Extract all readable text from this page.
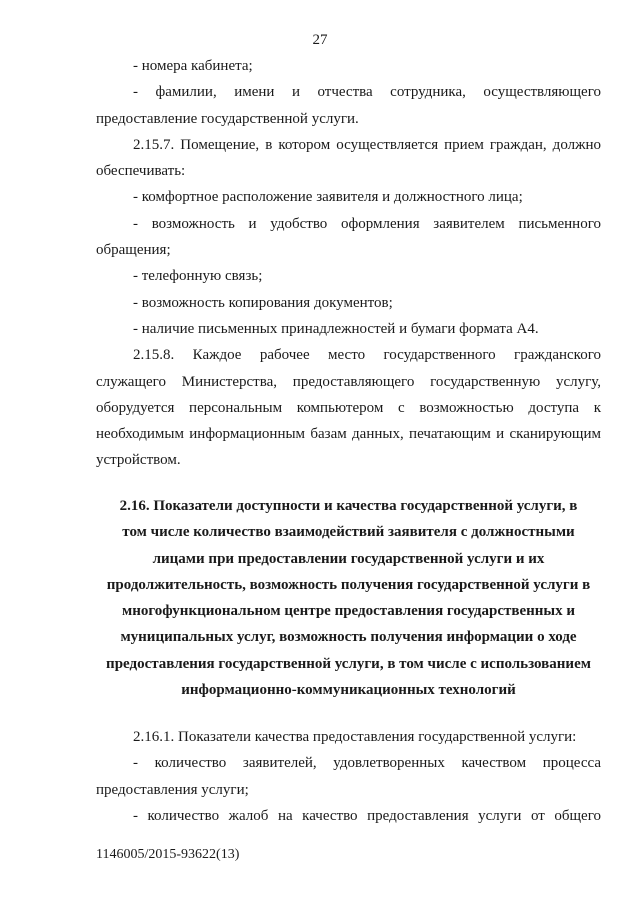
27

- номера кабинета;

- фамилии, имени и отчества сотрудника, осуществляющего
предоставление государственной услуги.

2.15.7. Помещение, в котором осуществляется прием граждан, должно
обеспечивать:

- комфортное расположение заявителя и должностного лица;

- возможность и удобство оформления заявителем письменного
обращения;

- телефонную связь;

- возможность копирования документов;

- наличие письменных принадлежностей и бумаги формата А4.

2.15.8. Каждое рабочее место государственного гражданского
служащего Министерства, предоставляющего государственную услугу,
оборудуется персональным компьютером с возможностью доступа к
необходимым информационным базам данных, печатающим и сканирующим
устройством.

2.16. Показатели доступности и качества государственной услуги, в
том числе количество взаимодействий заявителя с должностными
лицами при предоставлении государственной услуги и их
продолжительность, возможность получения государственной услуги в
многофункциональном центре предоставления государственных и
муниципальных услуг, возможность получения информации о ходе
предоставления государственной услуги, в том числе с использованием
информационно-коммуникационных технологий

2.16.1. Показатели качества предоставления государственной услуги:

- количество заявителей, удовлетворенных качеством процесса
предоставления услуги;

- количество жалоб на качество предоставления услуги от общего

1146005/2015-93622(13)
